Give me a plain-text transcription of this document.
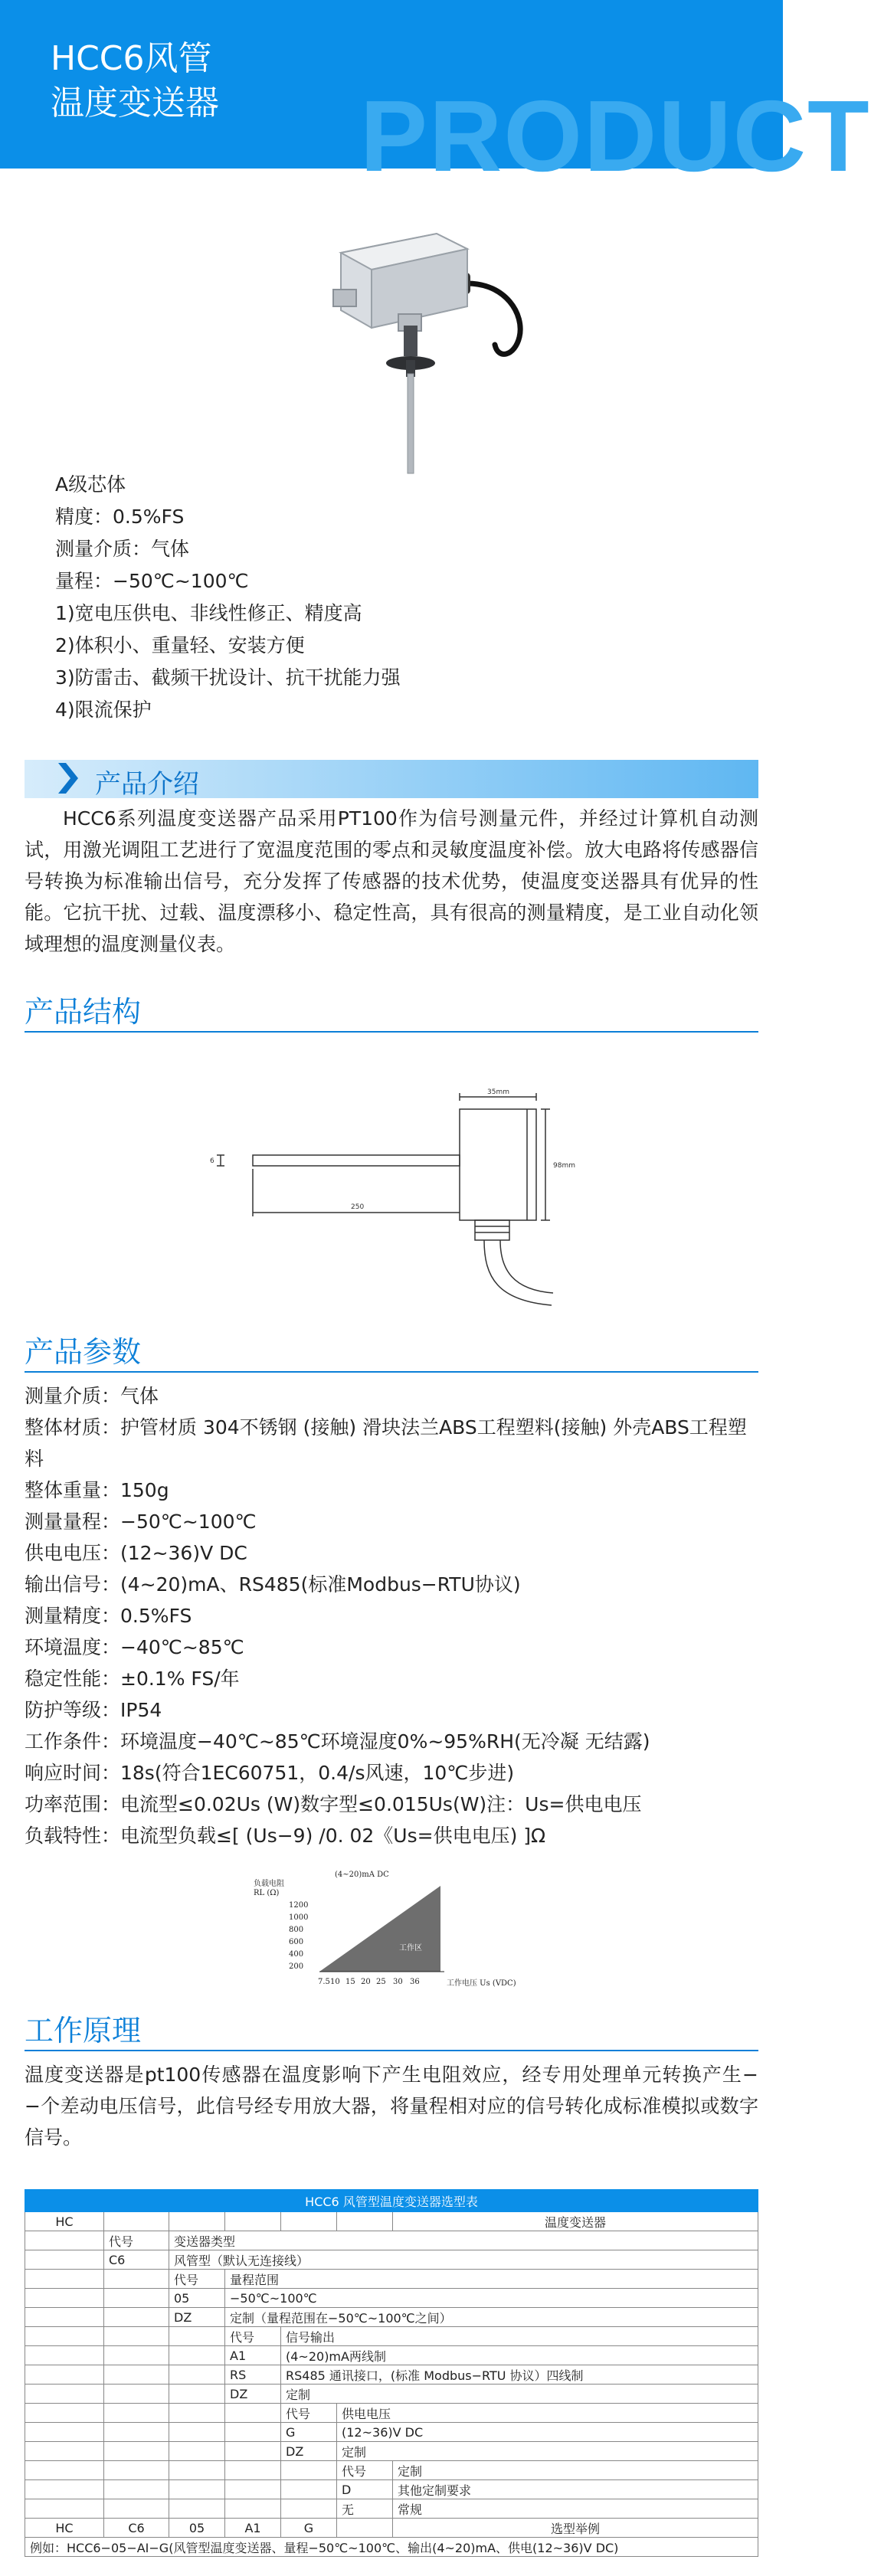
PRODUCT
HCC6风管
温度变送器
A级芯体
精度：0.5%FS
测量介质：气体
量程：−50℃~100℃
1)宽电压供电、非线性修正、精度高
2)体积小、重量轻、安装方便
3)防雷击、截频干扰设计、抗干扰能力强
4)限流保护
产品介绍
HCC6系列温度变送器产品采用PT100作为信号测量元件，并经过计算机自动测试，用激光调阻工艺进行了宽温度范围的零点和灵敏度温度补偿。放大电路将传感器信号转换为标准输出信号，充分发挥了传感器的技术优势，使温度变送器具有优异的性能。它抗干扰、过载、温度漂移小、稳定性高，具有很高的测量精度，是工业自动化领域理想的温度测量仪表。
产品结构
35mm
98mm
6
250
产品参数
测量介质：气体
整体材质：护管材质 304不锈钢 (接触) 滑块法兰ABS工程塑料(接触) 外壳ABS工程塑料
整体重量：150g
测量量程：−50℃~100℃
供电电压：(12~36)V DC
输出信号：(4~20)mA、RS485(标准Modbus−RTU协议)
测量精度：0.5%FS
环境温度：−40℃~85℃
稳定性能：±0.1% FS/年
防护等级：IP54
工作条件：环境温度−40℃~85℃环境湿度0%~95%RH(无冷凝 无结露)
响应时间：18s(符合1EC60751，0.4/s风速，10℃步进)
功率范围：电流型≤0.02Us (W)数字型≤0.015Us(W)注：Us=供电电压
负载特性：电流型负载≤[ (Us−9) /0. 02《Us=供电电压) ]Ω
(4~20)mA DC
负载电阻
RL (Ω)
工作电压 Us (VDC)
1200
1000
800
600
400
200
7.5 10 15 20 25 30 36
工作区
工作原理
温度变送器是pt100传感器在温度影响下产生电阻效应，经专用处理单元转换产生−−个差动电压信号，此信号经专用放大器，将量程相对应的信号转化成标准模拟或数字信号。
HCC6 风管型温度变送器选型表						
HC						温度变送器
	代号	变送器类型				
	C6	风管型（默认无连接线）				
		代号	量程范围			
		05	−50℃~100℃			
		DZ	定制（量程范围在−50℃~100℃之间）			
			代号	信号输出		
			A1	(4~20)mA两线制		
			RS	RS485 通讯接口，(标准 Modbus−RTU 协议）四线制		
			DZ	定制		
				代号	供电电压	
				G	(12~36)V DC	
				DZ	定制	
					代号	定制
					D	其他定制要求
					无	常规
HC	C6	05	A1	G		选型举例
例如：HCC6−05−AI−G(风管型温度变送器、量程−50℃~100℃、输出(4~20)mA、供电(12~36)V DC)						
